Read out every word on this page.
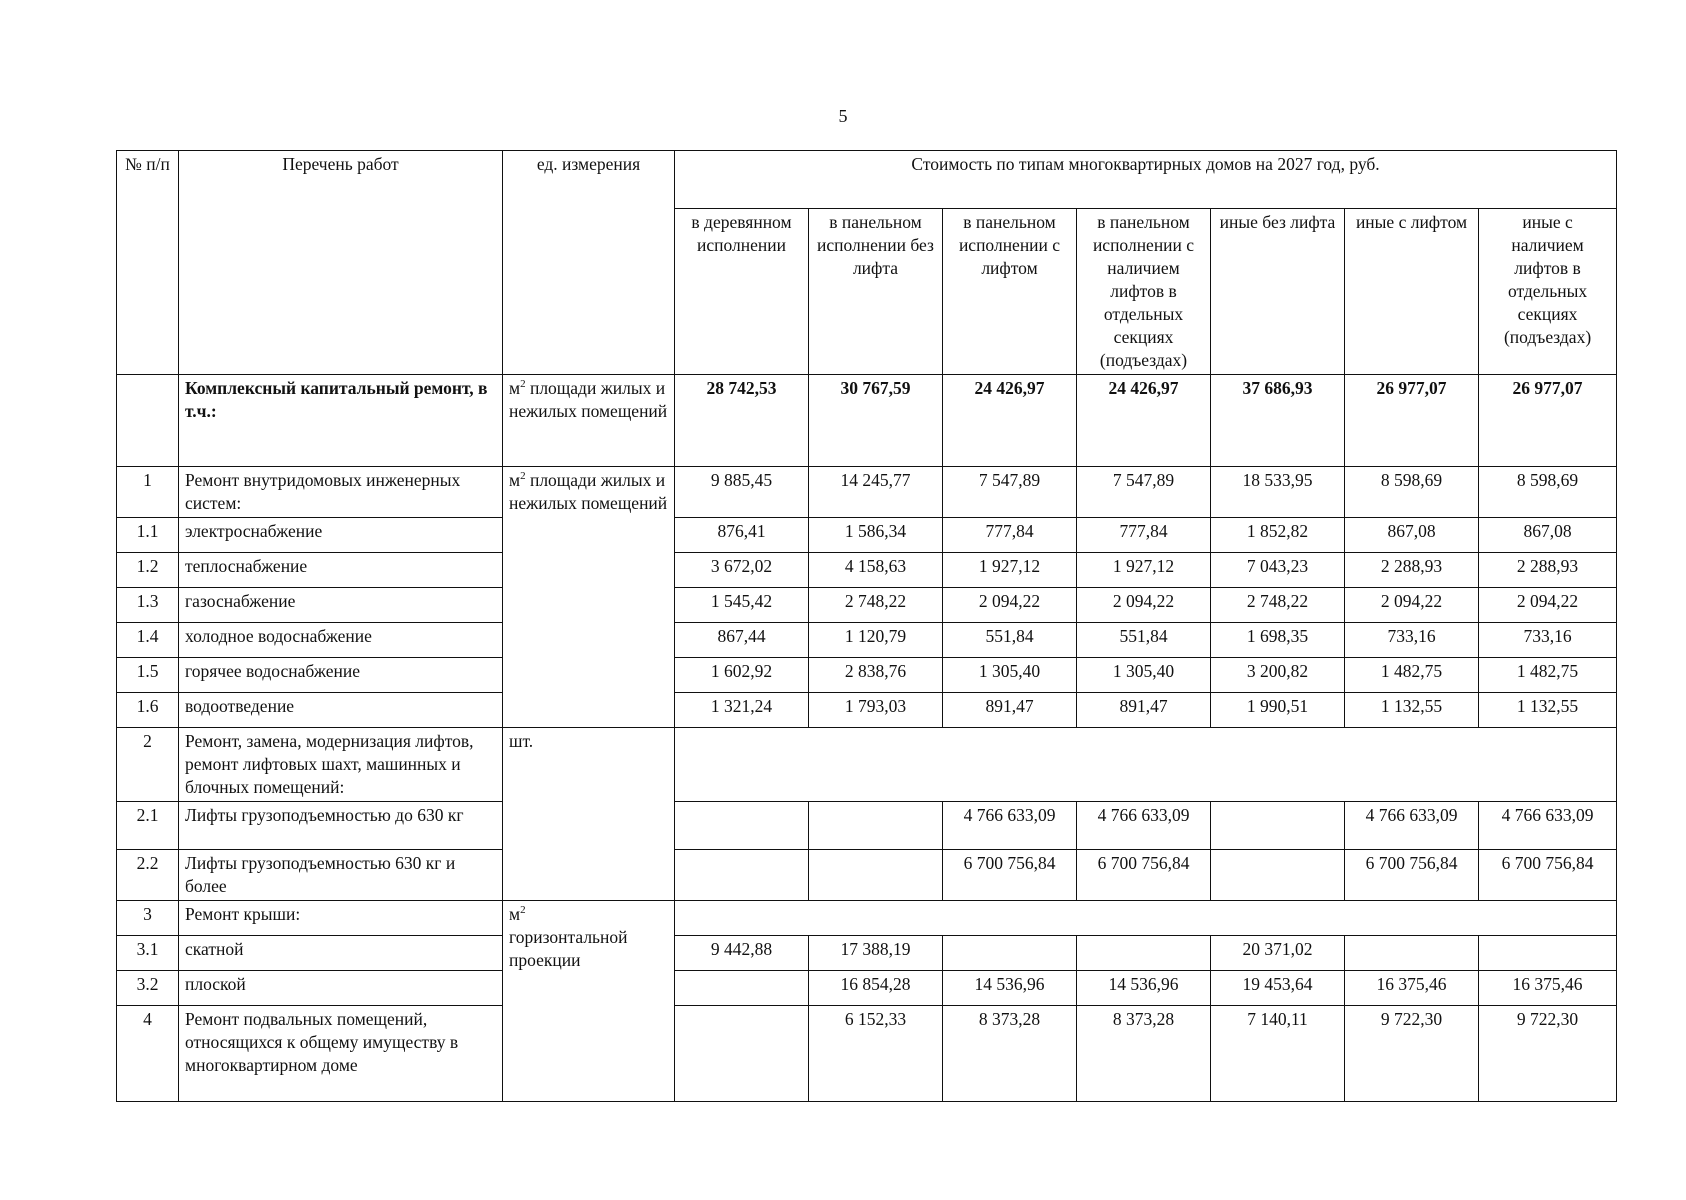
5
№ п/п	Перечень работ	ед. измерения	Стоимость по типам многоквартирных домов на 2027 год, руб.						
			в деревянном исполнении	в панельном исполнении без лифта	в панельном исполнении с лифтом	в панельном исполнении с наличием лифтов в отдельных секциях (подъездах)	иные без лифта	иные с лифтом	иные с наличием лифтов в отдельных секциях (подъездах)
	Комплексный капитальный ремонт, в т.ч.:	$м^2$ площади жилых и нежилых помещений	28 742,53	30 767,59	24 426,97	24 426,97	37 686,93	26 977,07	26 977,07
1	Ремонт внутридомовых инженерных систем:	$м^2$ площади жилых и нежилых помещений	9 885,45	14 245,77	7 547,89	7 547,89	18 533,95	8 598,69	8 598,69
1.1	электроснабжение		876,41	1 586,34	777,84	777,84	1 852,82	867,08	867,08
1.2	теплоснабжение		3 672,02	4 158,63	1 927,12	1 927,12	7 043,23	2 288,93	2 288,93
1.3	газоснабжение		1 545,42	2 748,22	2 094,22	2 094,22	2 748,22	2 094,22	2 094,22
1.4	холодное водоснабжение		867,44	1 120,79	551,84	551,84	1 698,35	733,16	733,16
1.5	горячее водоснабжение		1 602,92	2 838,76	1 305,40	1 305,40	3 200,82	1 482,75	1 482,75
1.6	водоотведение		1 321,24	1 793,03	891,47	891,47	1 990,51	1 132,55	1 132,55
2	Ремонт, замена, модернизация лифтов, ремонт лифтовых шахт, машинных и блочных помещений:	шт.							
2.1	Лифты грузоподъемностью до 630 кг				4 766 633,09	4 766 633,09		4 766 633,09	4 766 633,09
2.2	Лифты грузоподъемностью 630 кг и более				6 700 756,84	6 700 756,84		6 700 756,84	6 700 756,84
3	Ремонт крыши:	$м^2$
горизонтальной проекции							
3.1	скатной		9 442,88	17 388,19			20 371,02		
3.2	плоской			16 854,28	14 536,96	14 536,96	19 453,64	16 375,46	16 375,46
4	Ремонт подвальных помещений, относящихся к общему имуществу в многоквартирном доме			6 152,33	8 373,28	8 373,28	7 140,11	9 722,30	9 722,30
